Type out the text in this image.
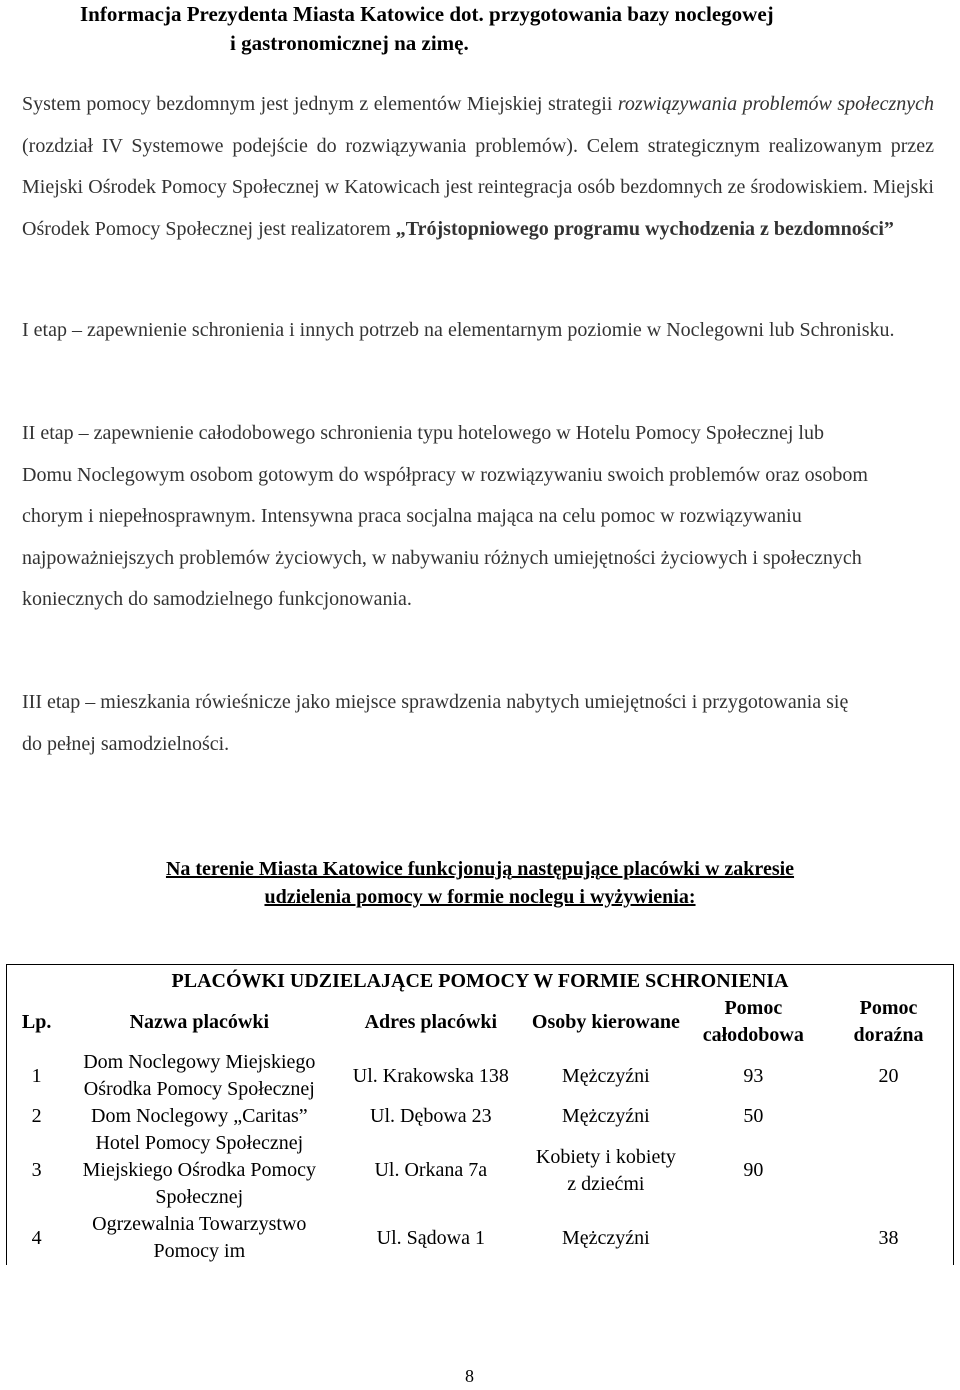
Informacja Prezydenta Miasta Katowice dot. przygotowania bazy noclegowej
i gastronomicznej na zimę.

System pomocy bezdomnym jest jednym z elementów Miejskiej strategii rozwiązywania problemów społecznych (rozdział IV Systemowe podejście do rozwiązywania problemów). Celem strategicznym realizowanym przez Miejski Ośrodek Pomocy Społecznej w Katowicach jest reintegracja osób bezdomnych ze środowiskiem. Miejski Ośrodek Pomocy Społecznej jest realizatorem „Trójstopniowego programu wychodzenia z bezdomności”

I etap – zapewnienie schronienia i innych potrzeb na elementarnym poziomie w Noclegowni lub Schronisku.

II etap – zapewnienie całodobowego schronienia typu hotelowego w Hotelu Pomocy Społecznej lub Domu Noclegowym osobom gotowym do współpracy w rozwiązywaniu swoich problemów oraz osobom chorym i niepełnosprawnym. Intensywna praca socjalna mająca na celu pomoc w rozwiązywaniu najpoważniejszych problemów życiowych, w nabywaniu różnych umiejętności życiowych i społecznych koniecznych do samodzielnego funkcjonowania.

III etap – mieszkania rówieśnicze jako miejsce sprawdzenia nabytych umiejętności i przygotowania się do pełnej samodzielności.

Na terenie Miasta Katowice funkcjonują następujące placówki w zakresie
udzielenia pomocy w formie noclegu i wyżywienia:
PLACÓWKI UDZIELAJĄCE POMOCY W FORMIE SCHRONIENIA					
Lp.	Nazwa placówki	Adres placówki	Osoby kierowane	Pomoc całodobowa	Pomoc doraźna
1	Dom Noclegowy Miejskiego Ośrodka Pomocy Społecznej	Ul. Krakowska 138	Mężczyźni	93	20
2	Dom Noclegowy „Caritas”	Ul. Dębowa 23	Mężczyźni	50	
3	Hotel Pomocy Społecznej Miejskiego Ośrodka Pomocy Społecznej	Ul. Orkana 7a	Kobiety i kobiety z dziećmi	90	
4	Ogrzewalnia Towarzystwo Pomocy im	Ul. Sądowa 1	Mężczyźni		38
8
